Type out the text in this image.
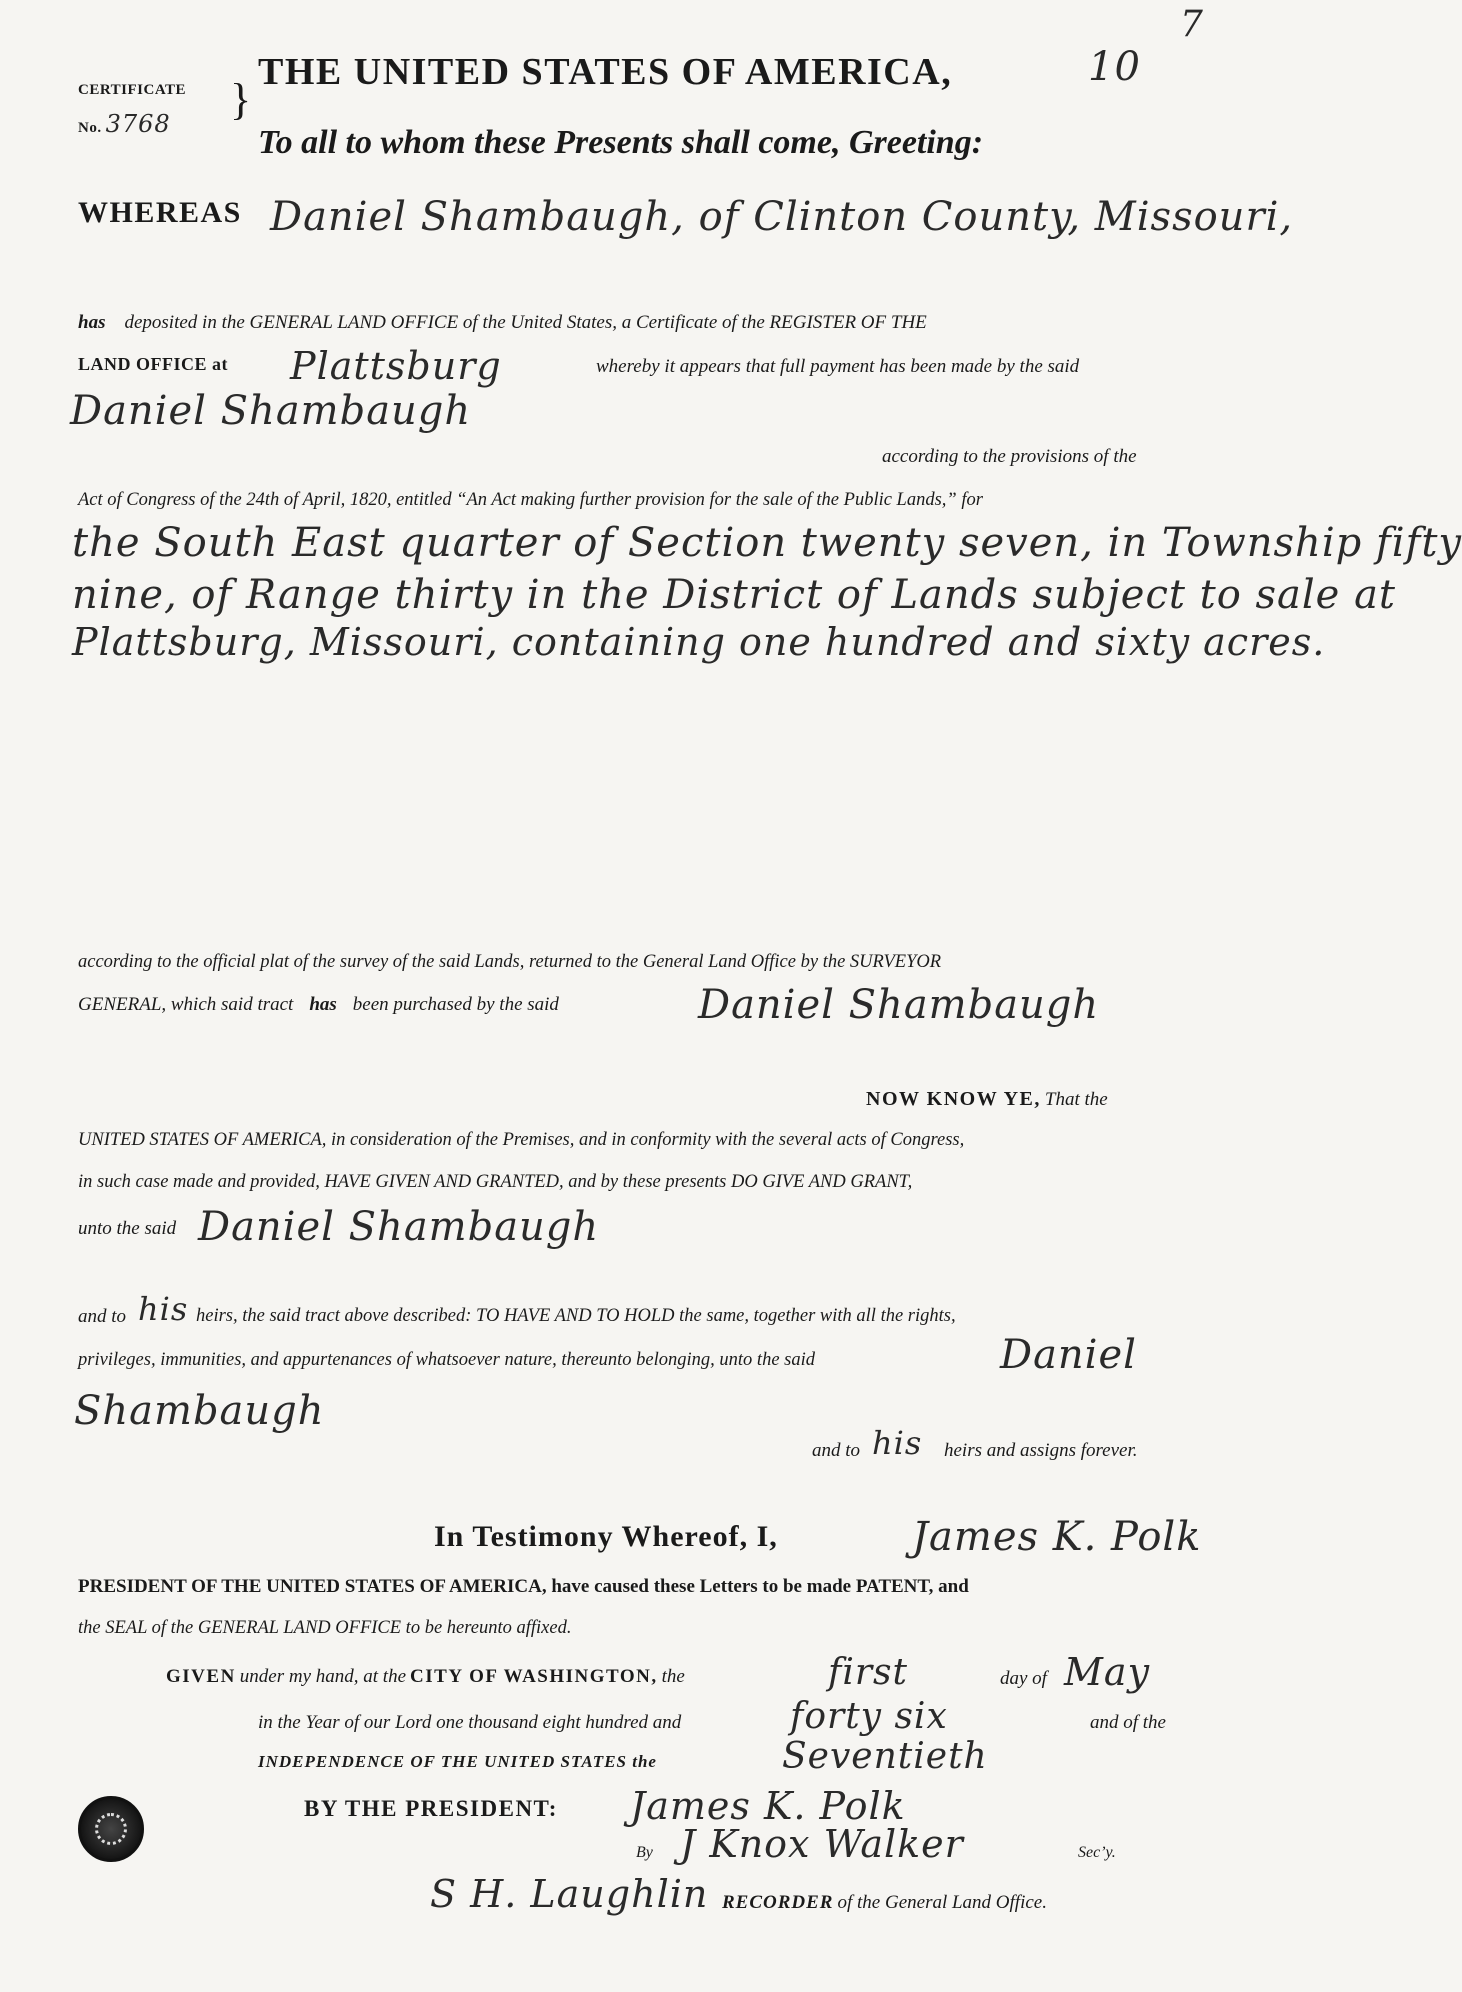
7
10
CERTIFICATE
No. 3768 }
THE UNITED STATES OF AMERICA,
To all to whom these Presents shall come, Greeting:
WHEREAS Daniel Shambaugh, of Clinton County, Missouri,
has deposited in the GENERAL LAND OFFICE of the United States, a Certificate of the REGISTER OF THE
LAND OFFICE at Plattsburg	whereby it appears that full payment has been made by the said
Daniel Shambaugh
according to the provisions of the
Act of Congress of the 24th of April, 1820, entitled “An Act making further provision for the sale of the Public Lands,” for
the South East quarter of Section twenty seven, in Township fifty
nine, of Range thirty in the District of Lands subject to sale at
Plattsburg, Missouri, containing one hundred and sixty acres.
according to the official plat of the survey of the said Lands, returned to the General Land Office by the SURVEYOR
GENERAL, which said tract has been purchased by the said	Daniel Shambaugh
NOW KNOW YE, That the
UNITED STATES OF AMERICA, in consideration of the Premises, and in conformity with the several acts of Congress,
in such case made and provided, HAVE GIVEN AND GRANTED, and by these presents DO GIVE AND GRANT,
unto the said Daniel Shambaugh
and to his heirs, the said tract above described: TO HAVE AND TO HOLD the same, together with all the rights,
privileges, immunities, and appurtenances of whatsoever nature, thereunto belonging, unto the said	Daniel
Shambaugh
and to his heirs and assigns forever.
In Testimony Whereof, I,	James K. Polk
PRESIDENT OF THE UNITED STATES OF AMERICA, have caused these Letters to be made PATENT, and
the SEAL of the GENERAL LAND OFFICE to be hereunto affixed.
GIVEN under my hand, at the CITY OF WASHINGTON, the	first	day of May
in the Year of our Lord one thousand eight hundred and	forty six	and of the
INDEPENDENCE OF THE UNITED STATES the	Seventieth
BY THE PRESIDENT: James K. Polk
By J Knox Walker	Sec’y.
S H. Laughlin RECORDER of the General Land Office.
